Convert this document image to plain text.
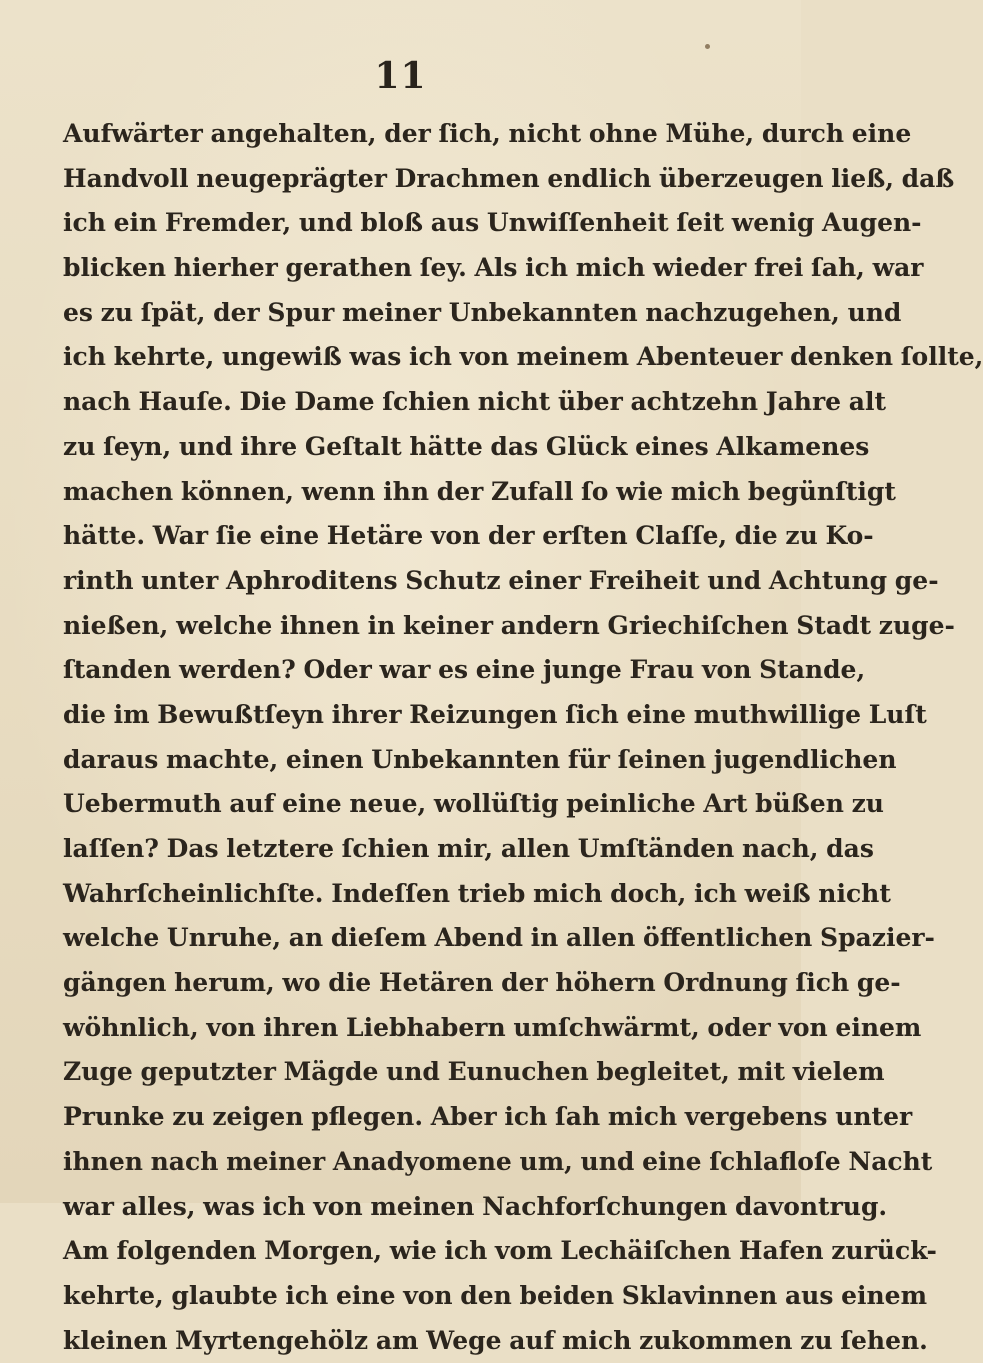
11
Aufwärter angehalten, der ſich, nicht ohne Mühe, durch eine
Handvoll neugeprägter Drachmen endlich überzeugen ließ, daß
ich ein Fremder, und bloß aus Unwiſſenheit ſeit wenig Augen-
blicken hierher gerathen ſey. Als ich mich wieder frei ſah, war
es zu ſpät, der Spur meiner Unbekannten nachzugehen, und
ich kehrte, ungewiß was ich von meinem Abenteuer denken ſollte,
nach Hauſe. Die Dame ſchien nicht über achtzehn Jahre alt
zu ſeyn, und ihre Geſtalt hätte das Glück eines Alkamenes
machen können, wenn ihn der Zufall ſo wie mich begünſtigt
hätte. War ſie eine Hetäre von der erſten Claſſe, die zu Ko-
rinth unter Aphroditens Schutz einer Freiheit und Achtung ge-
nießen, welche ihnen in keiner andern Griechiſchen Stadt zuge-
ſtanden werden? Oder war es eine junge Frau von Stande,
die im Bewußtſeyn ihrer Reizungen ſich eine muthwillige Luſt
daraus machte, einen Unbekannten für ſeinen jugendlichen
Uebermuth auf eine neue, wollüſtig peinliche Art büßen zu
laſſen? Das letztere ſchien mir, allen Umſtänden nach, das
Wahrſcheinlichſte. Indeſſen trieb mich doch, ich weiß nicht
welche Unruhe, an dieſem Abend in allen öffentlichen Spazier-
gängen herum, wo die Hetären der höhern Ordnung ſich ge-
wöhnlich, von ihren Liebhabern umſchwärmt, oder von einem
Zuge geputzter Mägde und Eunuchen begleitet, mit vielem
Prunke zu zeigen pflegen. Aber ich ſah mich vergebens unter
ihnen nach meiner Anadyomene um, und eine ſchlafloſe Nacht
war alles, was ich von meinen Nachforſchungen davontrug.
Am folgenden Morgen, wie ich vom Lechäiſchen Hafen zurück-
kehrte, glaubte ich eine von den beiden Sklavinnen aus einem
kleinen Myrtengehölz am Wege auf mich zukommen zu ſehen.
